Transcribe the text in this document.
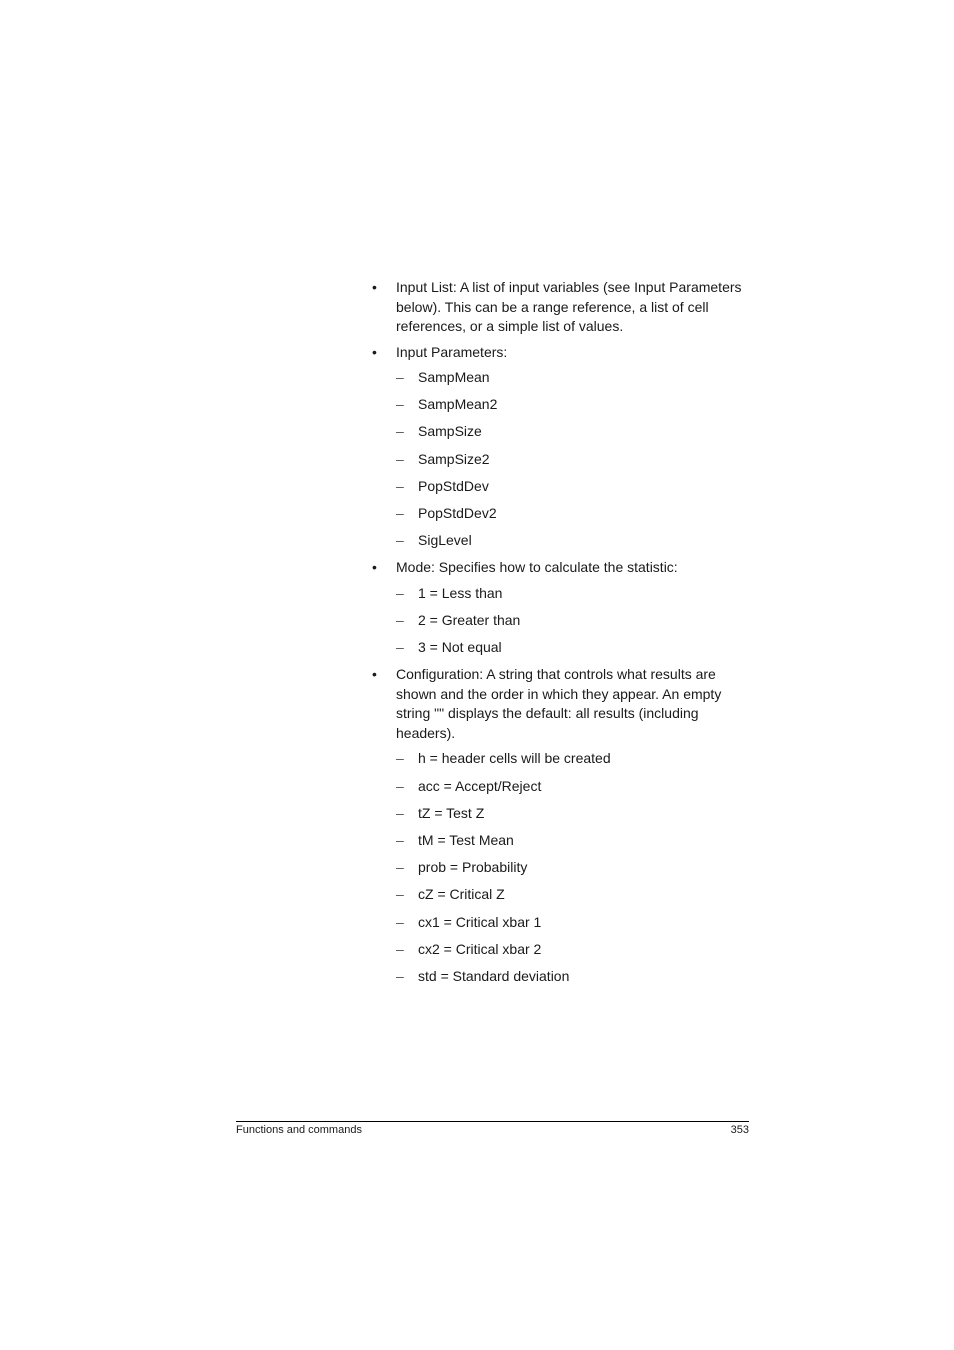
• Input List: A list of input variables (see Input Parameters below). This can be a range reference, a list of cell references, or a simple list of values.
• Input Parameters:
– SampMean
– SampMean2
– SampSize
– SampSize2
– PopStdDev
– PopStdDev2
– SigLevel
• Mode: Specifies how to calculate the statistic:
– 1 = Less than
– 2 = Greater than
– 3 = Not equal
• Configuration: A string that controls what results are shown and the order in which they appear. An empty string "" displays the default: all results (including headers).
– h = header cells will be created
– acc = Accept/Reject
– tZ = Test Z
– tM = Test Mean
– prob = Probability
– cZ = Critical Z
– cx1 = Critical xbar 1
– cx2 = Critical xbar 2
– std = Standard deviation
Functions and commands	353
